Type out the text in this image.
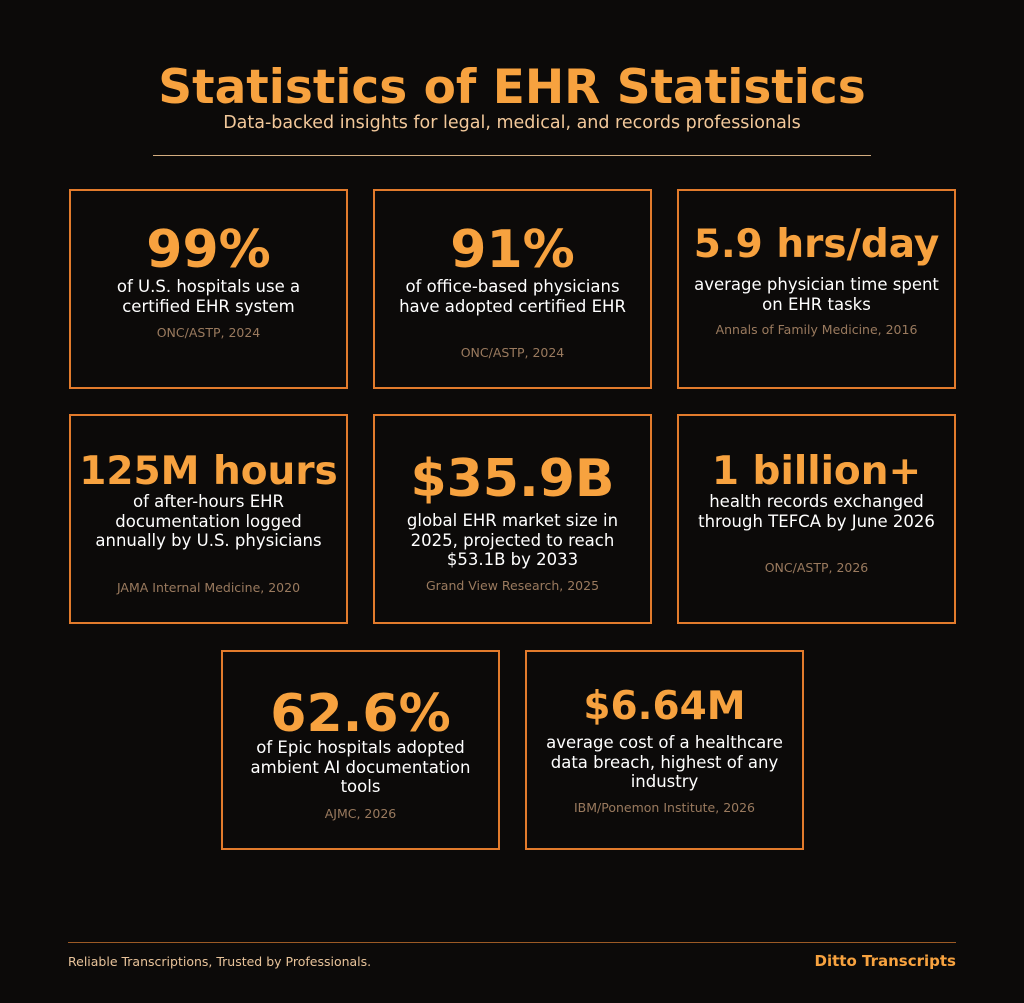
Statistics of EHR Statistics
Data-backed insights for legal, medical, and records professionals
99%
of U.S. hospitals use a certified EHR system
ONC/ASTP, 2024
91%
of office-based physicians have adopted certified EHR
ONC/ASTP, 2024
5.9 hrs/day
average physician time spent on EHR tasks
Annals of Family Medicine, 2016
125M hours
of after-hours EHR documentation logged annually by U.S. physicians
JAMA Internal Medicine, 2020
$35.9B
global EHR market size in 2025, projected to reach $53.1B by 2033
Grand View Research, 2025
1 billion+
health records exchanged through TEFCA by June 2026
ONC/ASTP, 2026
62.6%
of Epic hospitals adopted ambient AI documentation tools
AJMC, 2026
$6.64M
average cost of a healthcare data breach, highest of any industry
IBM/Ponemon Institute, 2026
Reliable Transcriptions, Trusted by Professionals.	Ditto Transcripts
